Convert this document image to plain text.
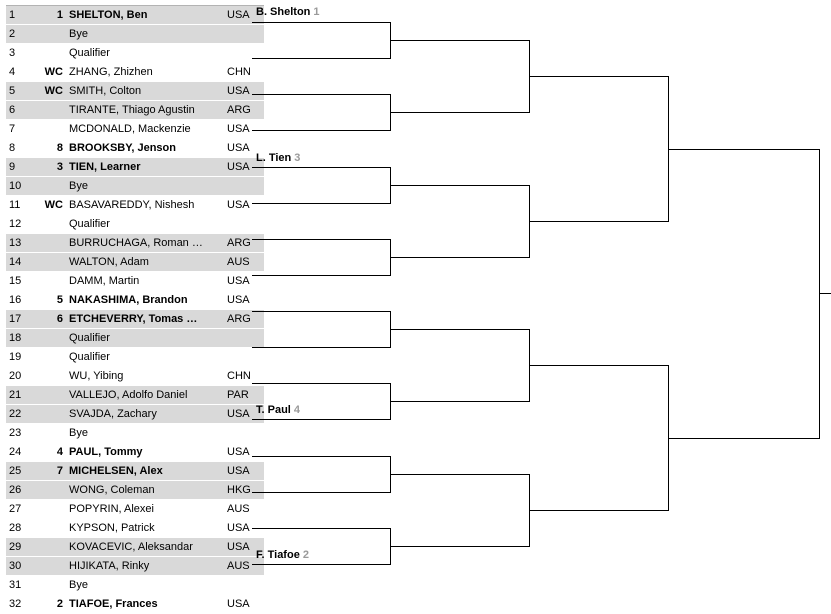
1	1	SHELTON, Ben	USA
2		Bye	
3		Qualifier	
4	WC	ZHANG, Zhizhen	CHN
5	WC	SMITH, Colton	USA
6		TIRANTE, Thiago Agustin	ARG
7		MCDONALD, Mackenzie	USA
8	8	BROOKSBY, Jenson	USA
9	3	TIEN, Learner	USA
10		Bye	
11	WC	BASAVAREDDY, Nishesh	USA
12		Qualifier	
13		BURRUCHAGA, Roman …	ARG
14		WALTON, Adam	AUS
15		DAMM, Martin	USA
16	5	NAKASHIMA, Brandon	USA
17	6	ETCHEVERRY, Tomas …	ARG
18		Qualifier	
19		Qualifier	
20		WU, Yibing	CHN
21		VALLEJO, Adolfo Daniel	PAR
22		SVAJDA, Zachary	USA
23		Bye	
24	4	PAUL, Tommy	USA
25	7	MICHELSEN, Alex	USA
26		WONG, Coleman	HKG
27		POPYRIN, Alexei	AUS
28		KYPSON, Patrick	USA
29		KOVACEVIC, Aleksandar	USA
30		HIJIKATA, Rinky	AUS
31		Bye	
32	2	TIAFOE, Frances	USA
B. Shelton 1
L. Tien 3
T. Paul 4
F. Tiafoe 2
